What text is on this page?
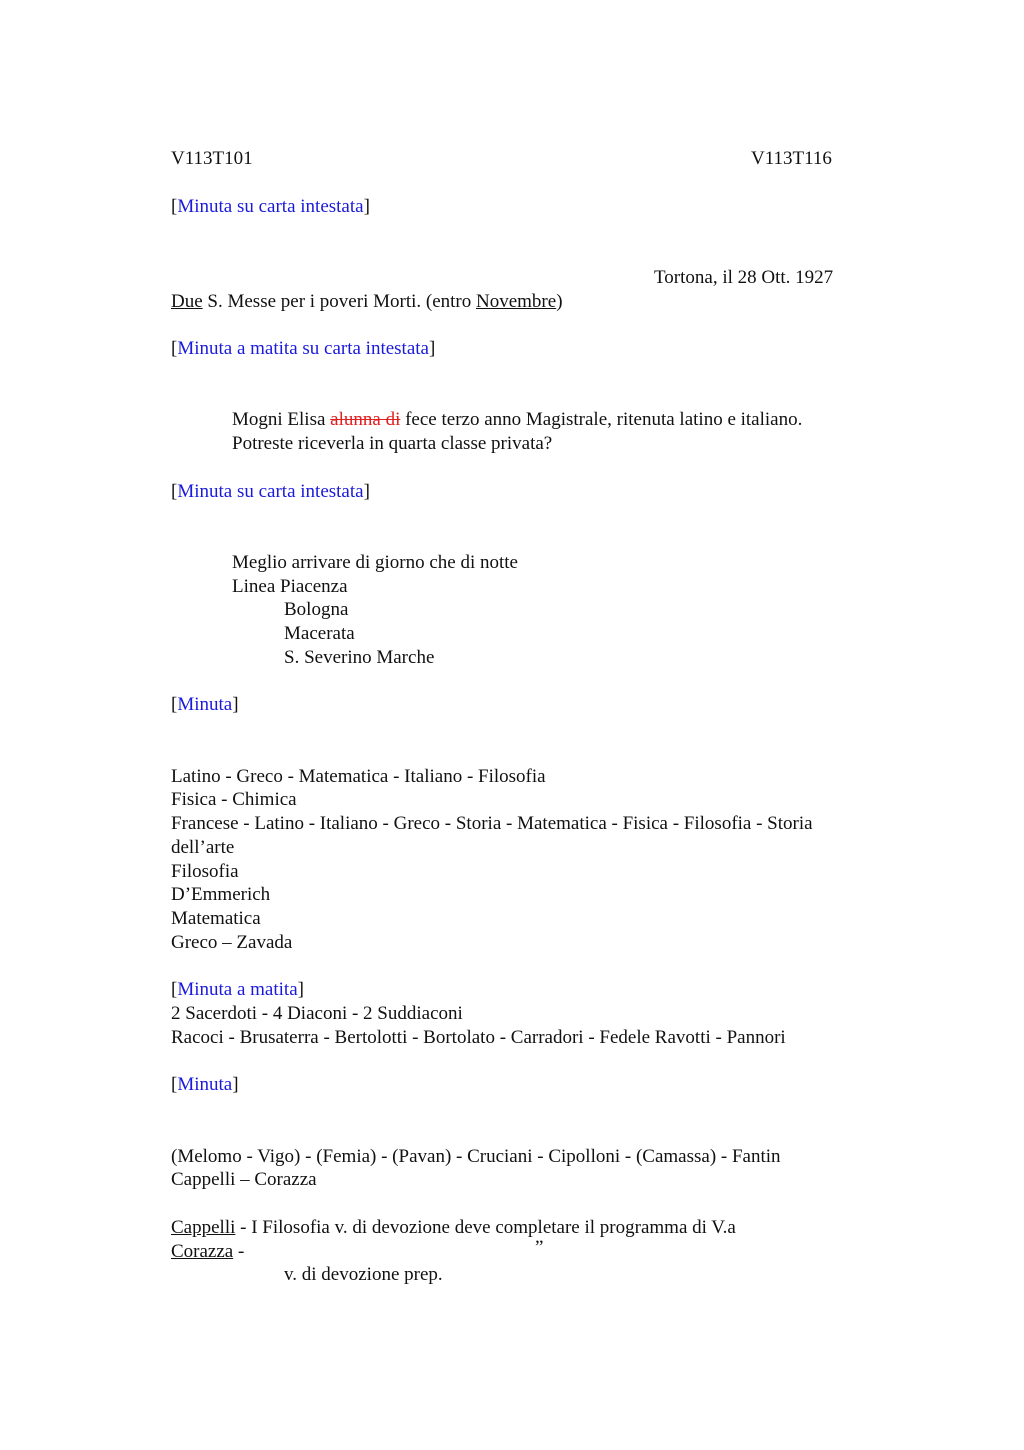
V113T101	V113T116
[Minuta su carta intestata]
Tortona, il 28 Ott. 1927
Due S. Messe per i poveri Morti. (entro Novembre)
[Minuta a matita su carta intestata]
Mogni Elisa alunna di fece terzo anno Magistrale, ritenuta latino e italiano.
Potreste riceverla in quarta classe privata?
[Minuta su carta intestata]
Meglio arrivare di giorno che di notte
Linea Piacenza
Bologna
Macerata
S. Severino Marche
[Minuta]
Latino - Greco - Matematica - Italiano - Filosofia
Fisica - Chimica
Francese - Latino - Italiano - Greco - Storia - Matematica - Fisica - Filosofia - Storia
dell’arte
Filosofia
D’Emmerich
Matematica
Greco – Zavada
[Minuta a matita]
2 Sacerdoti - 4 Diaconi - 2 Suddiaconi
Racoci - Brusaterra - Bertolotti - Bortolato - Carradori - Fedele Ravotti - Pannori
[Minuta]
(Melomo - Vigo) - (Femia) - (Pavan) - Cruciani - Cipolloni - (Camassa) - Fantin
Cappelli – Corazza
Cappelli - I Filosofia v. di devozione deve completare il programma di V.a
Corazza -	”
v. di devozione prep.
